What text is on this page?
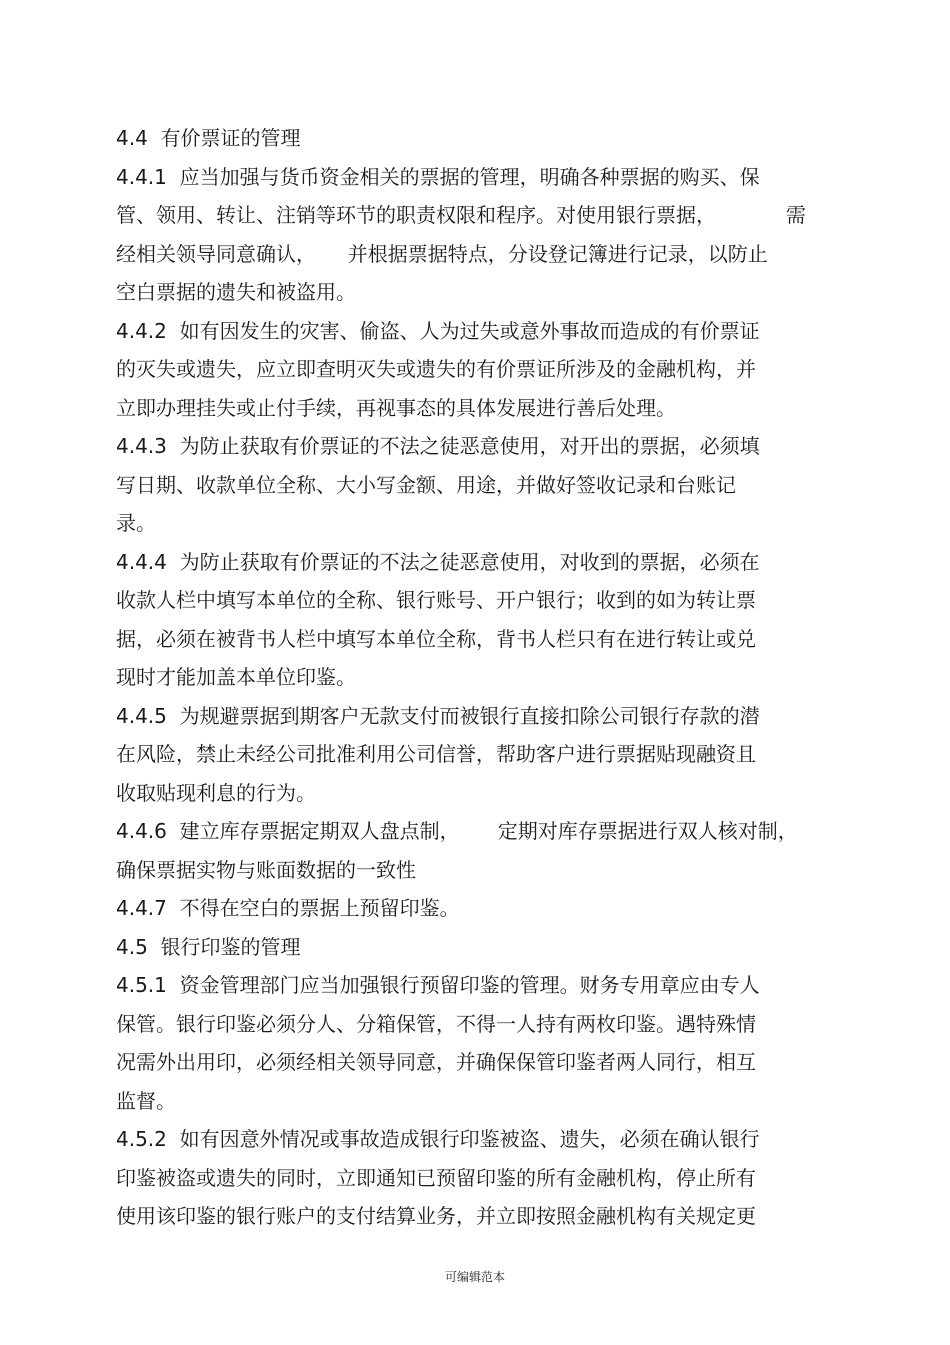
4.4  有价票证的管理
4.4.1  应当加强与货币资金相关的票据的管理，明确各种票据的购买、保
管、领用、转让、注销等环节的职责权限和程序。对使用银行票据，           需
经相关领导同意确认，     并根据票据特点，分设登记簿进行记录，以防止
空白票据的遗失和被盗用。
4.4.2  如有因发生的灾害、偷盗、人为过失或意外事故而造成的有价票证
的灭失或遗失，应立即查明灭失或遗失的有价票证所涉及的金融机构，并
立即办理挂失或止付手续，再视事态的具体发展进行善后处理。
4.4.3  为防止获取有价票证的不法之徒恶意使用，对开出的票据，必须填
写日期、收款单位全称、大小写金额、用途，并做好签收记录和台账记
录。
4.4.4  为防止获取有价票证的不法之徒恶意使用，对收到的票据，必须在
收款人栏中填写本单位的全称、银行账号、开户银行；收到的如为转让票
据，必须在被背书人栏中填写本单位全称，背书人栏只有在进行转让或兑
现时才能加盖本单位印鉴。
4.4.5  为规避票据到期客户无款支付而被银行直接扣除公司银行存款的潜
在风险，禁止未经公司批准利用公司信誉，帮助客户进行票据贴现融资且
收取贴现利息的行为。
4.4.6  建立库存票据定期双人盘点制，      定期对库存票据进行双人核对制，
确保票据实物与账面数据的一致性
4.4.7  不得在空白的票据上预留印鉴。
4.5  银行印鉴的管理
4.5.1  资金管理部门应当加强银行预留印鉴的管理。财务专用章应由专人
保管。银行印鉴必须分人、分箱保管，不得一人持有两枚印鉴。遇特殊情
况需外出用印，必须经相关领导同意，并确保保管印鉴者两人同行，相互
监督。
4.5.2  如有因意外情况或事故造成银行印鉴被盗、遗失，必须在确认银行
印鉴被盗或遗失的同时，立即通知已预留印鉴的所有金融机构，停止所有
使用该印鉴的银行账户的支付结算业务，并立即按照金融机构有关规定更
可编辑范本
